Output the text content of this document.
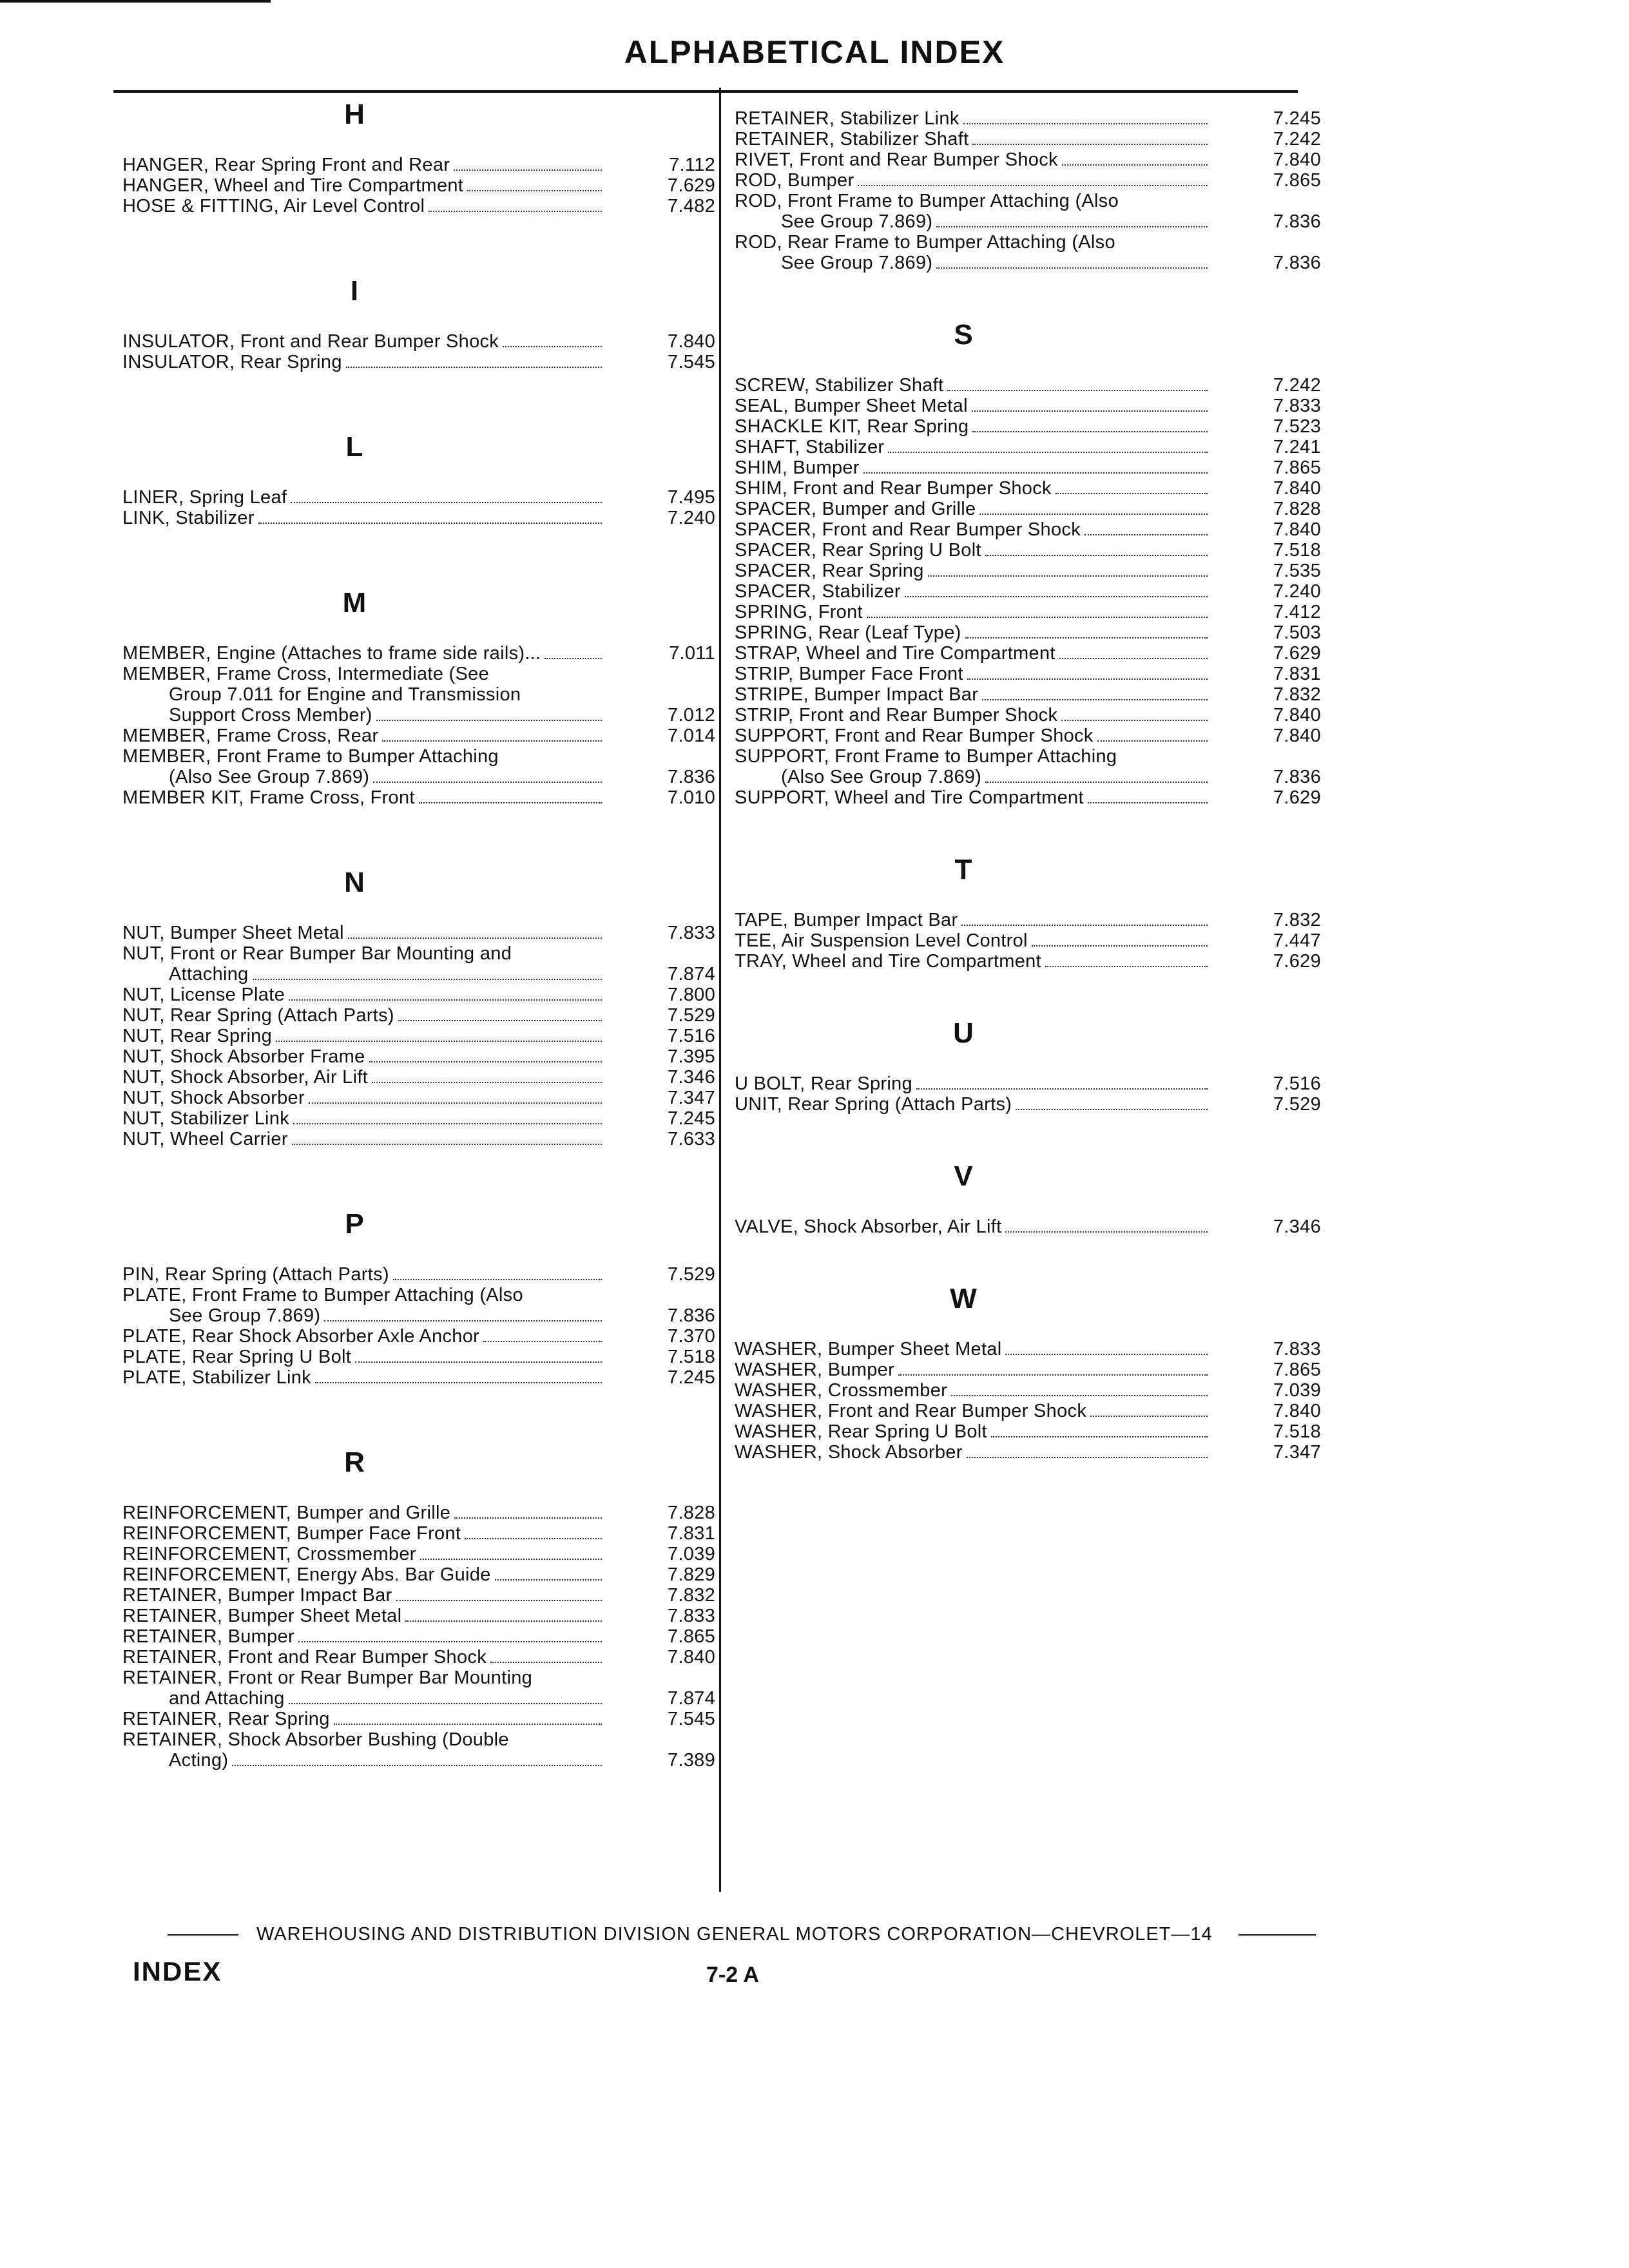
ALPHABETICAL INDEX
H
HANGER, Rear Spring Front and Rear	7.112
HANGER, Wheel and Tire Compartment	7.629
HOSE & FITTING, Air Level Control	7.482
I
INSULATOR, Front and Rear Bumper Shock	7.840
INSULATOR, Rear Spring	7.545
L
LINER, Spring Leaf	7.495
LINK, Stabilizer	7.240
M
MEMBER, Engine (Attaches to frame side rails)...	7.011
MEMBER, Frame Cross, Intermediate (See
Group 7.011 for Engine and Transmission
Support Cross Member)	7.012
MEMBER, Frame Cross, Rear	7.014
MEMBER, Front Frame to Bumper Attaching
(Also See Group 7.869)	7.836
MEMBER KIT, Frame Cross, Front	7.010
N
NUT, Bumper Sheet Metal	7.833
NUT, Front or Rear Bumper Bar Mounting and
Attaching	7.874
NUT, License Plate	7.800
NUT, Rear Spring (Attach Parts)	7.529
NUT, Rear Spring	7.516
NUT, Shock Absorber Frame	7.395
NUT, Shock Absorber, Air Lift	7.346
NUT, Shock Absorber	7.347
NUT, Stabilizer Link	7.245
NUT, Wheel Carrier	7.633
P
PIN, Rear Spring (Attach Parts)	7.529
PLATE, Front Frame to Bumper Attaching (Also
See Group 7.869)	7.836
PLATE, Rear Shock Absorber Axle Anchor	7.370
PLATE, Rear Spring U Bolt	7.518
PLATE, Stabilizer Link	7.245
R
REINFORCEMENT, Bumper and Grille	7.828
REINFORCEMENT, Bumper Face Front	7.831
REINFORCEMENT, Crossmember	7.039
REINFORCEMENT, Energy Abs. Bar Guide	7.829
RETAINER, Bumper Impact Bar	7.832
RETAINER, Bumper Sheet Metal	7.833
RETAINER, Bumper	7.865
RETAINER, Front and Rear Bumper Shock	7.840
RETAINER, Front or Rear Bumper Bar Mounting
and Attaching	7.874
RETAINER, Rear Spring	7.545
RETAINER, Shock Absorber Bushing (Double
Acting)	7.389
RETAINER, Stabilizer Link	7.245
RETAINER, Stabilizer Shaft	7.242
RIVET, Front and Rear Bumper Shock	7.840
ROD, Bumper	7.865
ROD, Front Frame to Bumper Attaching (Also
See Group 7.869)	7.836
ROD, Rear Frame to Bumper Attaching (Also
See Group 7.869)	7.836
S
SCREW, Stabilizer Shaft	7.242
SEAL, Bumper Sheet Metal	7.833
SHACKLE KIT, Rear Spring	7.523
SHAFT, Stabilizer	7.241
SHIM, Bumper	7.865
SHIM, Front and Rear Bumper Shock	7.840
SPACER, Bumper and Grille	7.828
SPACER, Front and Rear Bumper Shock	7.840
SPACER, Rear Spring U Bolt	7.518
SPACER, Rear Spring	7.535
SPACER, Stabilizer	7.240
SPRING, Front	7.412
SPRING, Rear (Leaf Type)	7.503
STRAP, Wheel and Tire Compartment	7.629
STRIP, Bumper Face Front	7.831
STRIPE, Bumper Impact Bar	7.832
STRIP, Front and Rear Bumper Shock	7.840
SUPPORT, Front and Rear Bumper Shock	7.840
SUPPORT, Front Frame to Bumper Attaching
(Also See Group 7.869)	7.836
SUPPORT, Wheel and Tire Compartment	7.629
T
TAPE, Bumper Impact Bar	7.832
TEE, Air Suspension Level Control	7.447
TRAY, Wheel and Tire Compartment	7.629
U
U BOLT, Rear Spring	7.516
UNIT, Rear Spring (Attach Parts)	7.529
V
VALVE, Shock Absorber, Air Lift	7.346
W
WASHER, Bumper Sheet Metal	7.833
WASHER, Bumper	7.865
WASHER, Crossmember	7.039
WASHER, Front and Rear Bumper Shock	7.840
WASHER, Rear Spring U Bolt	7.518
WASHER, Shock Absorber	7.347
WAREHOUSING AND DISTRIBUTION DIVISION GENERAL MOTORS CORPORATION—CHEVROLET—14
INDEX	7-2 A
